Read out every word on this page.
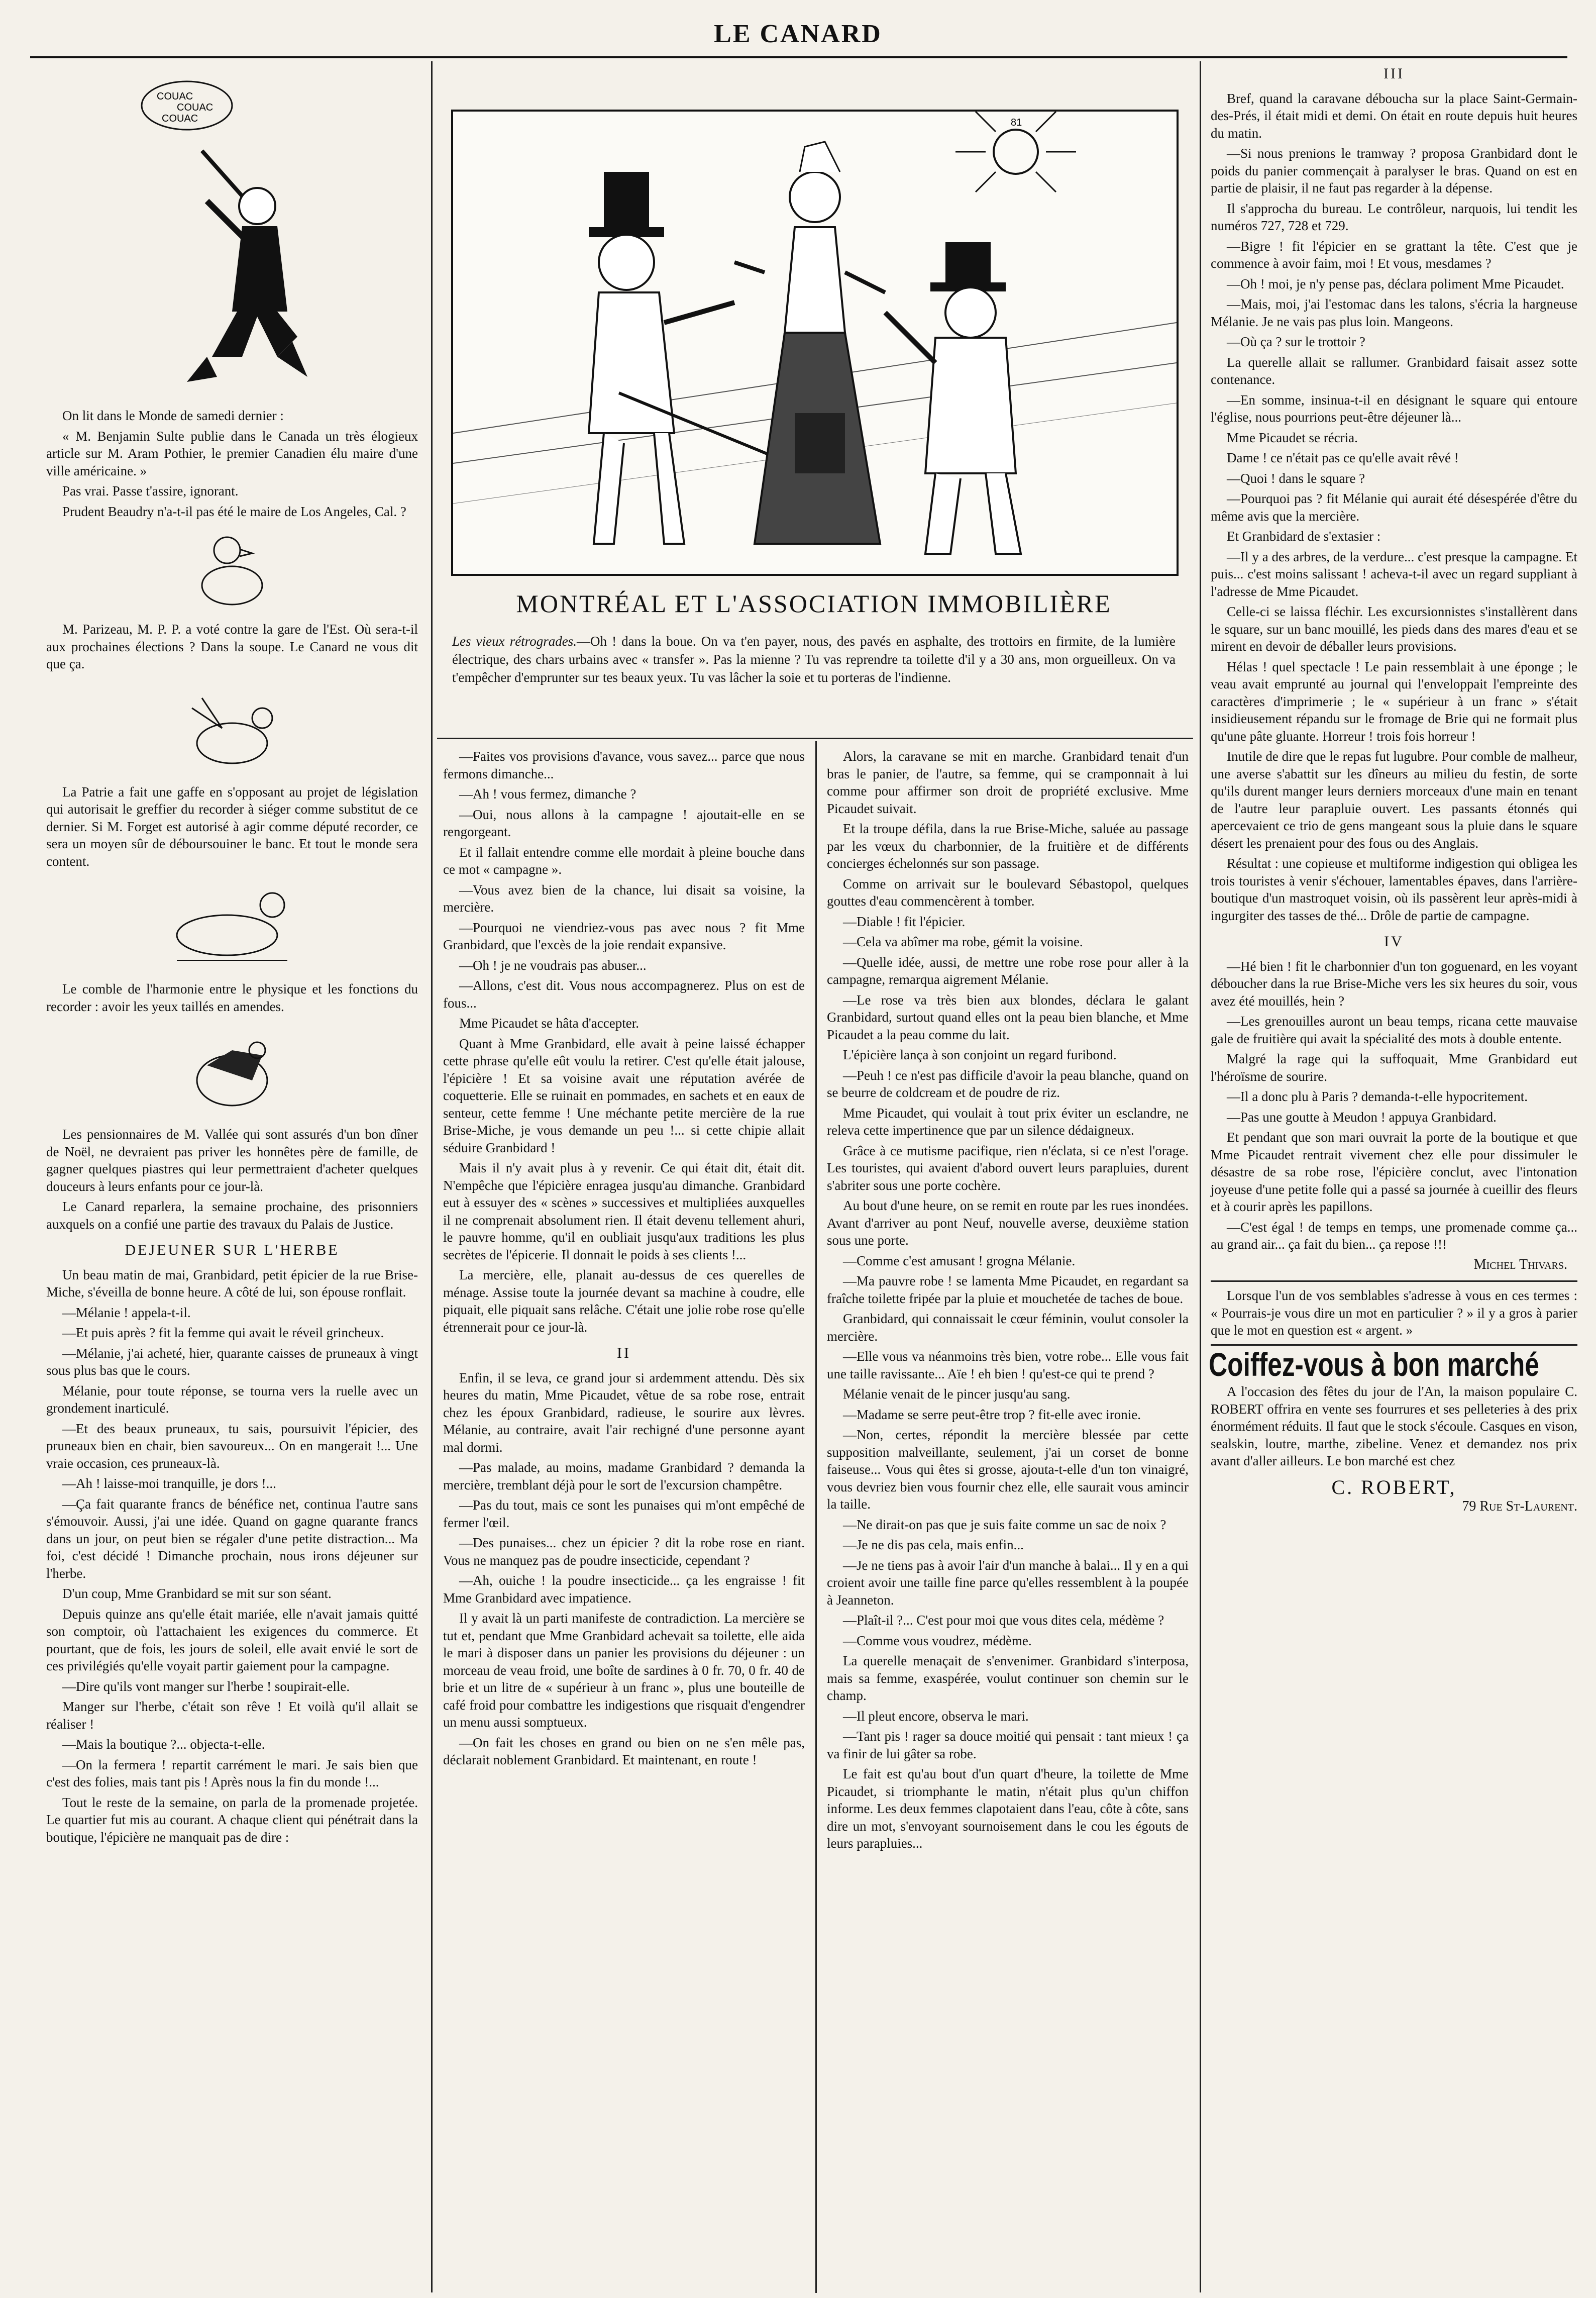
LE CANARD
COUAC
COUAC
COUAC

On lit dans le Monde de samedi dernier :

« M. Benjamin Sulte publie dans le Canada un très élogieux article sur M. Aram Pothier, le premier Canadien élu maire d'une ville américaine. »

Pas vrai. Passe t'assire, ignorant.

Prudent Beaudry n'a-t-il pas été le maire de Los Angeles, Cal. ?

M. Parizeau, M. P. P. a voté contre la gare de l'Est. Où sera-t-il aux prochaines élections ? Dans la soupe. Le Canard ne vous dit que ça.

La Patrie a fait une gaffe en s'opposant au projet de législation qui autorisait le greffier du recorder à siéger comme substitut de ce dernier. Si M. Forget est autorisé à agir comme député recorder, ce sera un moyen sûr de déboursouiner le banc. Et tout le monde sera content.

Le comble de l'harmonie entre le physique et les fonctions du recorder : avoir les yeux taillés en amendes.

Les pensionnaires de M. Vallée qui sont assurés d'un bon dîner de Noël, ne devraient pas priver les honnêtes père de famille, de gagner quelques piastres qui leur permettraient d'acheter quelques douceurs à leurs enfants pour ce jour-là.

Le Canard reparlera, la semaine prochaine, des prisonniers auxquels on a confié une partie des travaux du Palais de Justice.

DEJEUNER SUR L'HERBE

Un beau matin de mai, Granbidard, petit épicier de la rue Brise-Miche, s'éveilla de bonne heure. A côté de lui, son épouse ronflait.

—Mélanie ! appela-t-il.

—Et puis après ? fit la femme qui avait le réveil grincheux.

—Mélanie, j'ai acheté, hier, quarante caisses de pruneaux à vingt sous plus bas que le cours.

Mélanie, pour toute réponse, se tourna vers la ruelle avec un grondement inarticulé.

—Et des beaux pruneaux, tu sais, poursuivit l'épicier, des pruneaux bien en chair, bien savoureux... On en mangerait !... Une vraie occasion, ces pruneaux-là.

—Ah ! laisse-moi tranquille, je dors !...

—Ça fait quarante francs de bénéfice net, continua l'autre sans s'émouvoir. Aussi, j'ai une idée. Quand on gagne quarante francs dans un jour, on peut bien se régaler d'une petite distraction... Ma foi, c'est décidé ! Dimanche prochain, nous irons déjeuner sur l'herbe.

D'un coup, Mme Granbidard se mit sur son séant.

Depuis quinze ans qu'elle était mariée, elle n'avait jamais quitté son comptoir, où l'attachaient les exigences du commerce. Et pourtant, que de fois, les jours de soleil, elle avait envié le sort de ces privilégiés qu'elle voyait partir gaiement pour la campagne.

—Dire qu'ils vont manger sur l'herbe ! soupirait-elle.

Manger sur l'herbe, c'était son rêve ! Et voilà qu'il allait se réaliser !

—Mais la boutique ?... objecta-t-elle.

—On la fermera ! repartit carrément le mari. Je sais bien que c'est des folies, mais tant pis ! Après nous la fin du monde !...

Tout le reste de la semaine, on parla de la promenade projetée. Le quartier fut mis au courant. A chaque client qui pénétrait dans la boutique, l'épicière ne manquait pas de dire :

81
MONTRÉAL ET L'ASSOCIATION IMMOBILIÈRE
Les vieux rétrogrades.—Oh ! dans la boue. On va t'en payer, nous, des pavés en asphalte, des trottoirs en firmite, de la lumière électrique, des chars urbains avec « transfer ». Pas la mienne ? Tu vas reprendre ta toilette d'il y a 30 ans, mon orgueilleux. On va t'empêcher d'emprunter sur tes beaux yeux. Tu vas lâcher la soie et tu porteras de l'indienne.

—Faites vos provisions d'avance, vous savez... parce que nous fermons dimanche...

—Ah ! vous fermez, dimanche ?

—Oui, nous allons à la campagne ! ajoutait-elle en se rengorgeant.

Et il fallait entendre comme elle mordait à pleine bouche dans ce mot « campagne ».

—Vous avez bien de la chance, lui disait sa voisine, la mercière.

—Pourquoi ne viendriez-vous pas avec nous ? fit Mme Granbidard, que l'excès de la joie rendait expansive.

—Oh ! je ne voudrais pas abuser...

—Allons, c'est dit. Vous nous accompagnerez. Plus on est de fous...

Mme Picaudet se hâta d'accepter.

Quant à Mme Granbidard, elle avait à peine laissé échapper cette phrase qu'elle eût voulu la retirer. C'est qu'elle était jalouse, l'épicière ! Et sa voisine avait une réputation avérée de coquetterie. Elle se ruinait en pommades, en sachets et en eaux de senteur, cette femme ! Une méchante petite mercière de la rue Brise-Miche, je vous demande un peu !... si cette chipie allait séduire Granbidard !

Mais il n'y avait plus à y revenir. Ce qui était dit, était dit. N'empêche que l'épicière enragea jusqu'au dimanche. Granbidard eut à essuyer des « scènes » successives et multipliées auxquelles il ne comprenait absolument rien. Il était devenu tellement ahuri, le pauvre homme, qu'il en oubliait jusqu'aux traditions les plus secrètes de l'épicerie. Il donnait le poids à ses clients !...

La mercière, elle, planait au-dessus de ces querelles de ménage. Assise toute la journée devant sa machine à coudre, elle piquait, elle piquait sans relâche. C'était une jolie robe rose qu'elle étrennerait pour ce jour-là.

II

Enfin, il se leva, ce grand jour si ardemment attendu. Dès six heures du matin, Mme Picaudet, vêtue de sa robe rose, entrait chez les époux Granbidard, radieuse, le sourire aux lèvres. Mélanie, au contraire, avait l'air rechigné d'une personne ayant mal dormi.

—Pas malade, au moins, madame Granbidard ? demanda la mercière, tremblant déjà pour le sort de l'excursion champêtre.

—Pas du tout, mais ce sont les punaises qui m'ont empêché de fermer l'œil.

—Des punaises... chez un épicier ? dit la robe rose en riant. Vous ne manquez pas de poudre insecticide, cependant ?

—Ah, ouiche ! la poudre insecticide... ça les engraisse ! fit Mme Granbidard avec impatience.

Il y avait là un parti manifeste de contradiction. La mercière se tut et, pendant que Mme Granbidard achevait sa toilette, elle aida le mari à disposer dans un panier les provisions du déjeuner : un morceau de veau froid, une boîte de sardines à 0 fr. 70, 0 fr. 40 de brie et un litre de « supérieur à un franc », plus une bouteille de café froid pour combattre les indigestions que risquait d'engendrer un menu aussi somptueux.

—On fait les choses en grand ou bien on ne s'en mêle pas, déclarait noblement Granbidard. Et maintenant, en route !

Alors, la caravane se mit en marche. Granbidard tenait d'un bras le panier, de l'autre, sa femme, qui se cramponnait à lui comme pour affirmer son droit de propriété exclusive. Mme Picaudet suivait.

Et la troupe défila, dans la rue Brise-Miche, saluée au passage par les vœux du charbonnier, de la fruitière et de différents concierges échelonnés sur son passage.

Comme on arrivait sur le boulevard Sébastopol, quelques gouttes d'eau commencèrent à tomber.

—Diable ! fit l'épicier.

—Cela va abîmer ma robe, gémit la voisine.

—Quelle idée, aussi, de mettre une robe rose pour aller à la campagne, remarqua aigrement Mélanie.

—Le rose va très bien aux blondes, déclara le galant Granbidard, surtout quand elles ont la peau bien blanche, et Mme Picaudet a la peau comme du lait.

L'épicière lança à son conjoint un regard furibond.

—Peuh ! ce n'est pas difficile d'avoir la peau blanche, quand on se beurre de coldcream et de poudre de riz.

Mme Picaudet, qui voulait à tout prix éviter un esclandre, ne releva cette impertinence que par un silence dédaigneux.

Grâce à ce mutisme pacifique, rien n'éclata, si ce n'est l'orage. Les touristes, qui avaient d'abord ouvert leurs parapluies, durent s'abriter sous une porte cochère.

Au bout d'une heure, on se remit en route par les rues inondées. Avant d'arriver au pont Neuf, nouvelle averse, deuxième station sous une porte.

—Comme c'est amusant ! grogna Mélanie.

—Ma pauvre robe ! se lamenta Mme Picaudet, en regardant sa fraîche toilette fripée par la pluie et mouchetée de taches de boue.

Granbidard, qui connaissait le cœur féminin, voulut consoler la mercière.

—Elle vous va néanmoins très bien, votre robe... Elle vous fait une taille ravissante... Aïe ! eh bien ! qu'est-ce qui te prend ?

Mélanie venait de le pincer jusqu'au sang.

—Madame se serre peut-être trop ? fit-elle avec ironie.

—Non, certes, répondit la mercière blessée par cette supposition malveillante, seulement, j'ai un corset de bonne faiseuse... Vous qui êtes si grosse, ajouta-t-elle d'un ton vinaigré, vous devriez bien vous fournir chez elle, elle saurait vous amincir la taille.

—Ne dirait-on pas que je suis faite comme un sac de noix ?

—Je ne dis pas cela, mais enfin...

—Je ne tiens pas à avoir l'air d'un manche à balai... Il y en a qui croient avoir une taille fine parce qu'elles ressemblent à la poupée à Jeanneton.

—Plaît-il ?... C'est pour moi que vous dites cela, médème ?

—Comme vous voudrez, médème.

La querelle menaçait de s'envenimer. Granbidard s'interposa, mais sa femme, exaspérée, voulut continuer son chemin sur le champ.

—Il pleut encore, observa le mari.

—Tant pis ! rager sa douce moitié qui pensait : tant mieux ! ça va finir de lui gâter sa robe.

Le fait est qu'au bout d'un quart d'heure, la toilette de Mme Picaudet, si triomphante le matin, n'était plus qu'un chiffon informe. Les deux femmes clapotaient dans l'eau, côte à côte, sans dire un mot, s'envoyant sournoisement dans le cou les égouts de leurs parapluies...

III

Bref, quand la caravane déboucha sur la place Saint-Germain-des-Prés, il était midi et demi. On était en route depuis huit heures du matin.

—Si nous prenions le tramway ? proposa Granbidard dont le poids du panier commençait à paralyser le bras. Quand on est en partie de plaisir, il ne faut pas regarder à la dépense.

Il s'approcha du bureau. Le contrôleur, narquois, lui tendit les numéros 727, 728 et 729.

—Bigre ! fit l'épicier en se grattant la tête. C'est que je commence à avoir faim, moi ! Et vous, mesdames ?

—Oh ! moi, je n'y pense pas, déclara poliment Mme Picaudet.

—Mais, moi, j'ai l'estomac dans les talons, s'écria la hargneuse Mélanie. Je ne vais pas plus loin. Mangeons.

—Où ça ? sur le trottoir ?

La querelle allait se rallumer. Granbidard faisait assez sotte contenance.

—En somme, insinua-t-il en désignant le square qui entoure l'église, nous pourrions peut-être déjeuner là...

Mme Picaudet se récria.

Dame ! ce n'était pas ce qu'elle avait rêvé !

—Quoi ! dans le square ?

—Pourquoi pas ? fit Mélanie qui aurait été désespérée d'être du même avis que la mercière.

Et Granbidard de s'extasier :

—Il y a des arbres, de la verdure... c'est presque la campagne. Et puis... c'est moins salissant ! acheva-t-il avec un regard suppliant à l'adresse de Mme Picaudet.

Celle-ci se laissa fléchir. Les excursionnistes s'installèrent dans le square, sur un banc mouillé, les pieds dans des mares d'eau et se mirent en devoir de déballer leurs provisions.

Hélas ! quel spectacle ! Le pain ressemblait à une éponge ; le veau avait emprunté au journal qui l'enveloppait l'empreinte des caractères d'imprimerie ; le « supérieur à un franc » s'était insidieusement répandu sur le fromage de Brie qui ne formait plus qu'une pâte gluante. Horreur ! trois fois horreur !

Inutile de dire que le repas fut lugubre. Pour comble de malheur, une averse s'abattit sur les dîneurs au milieu du festin, de sorte qu'ils durent manger leurs derniers morceaux d'une main en tenant de l'autre leur parapluie ouvert. Les passants étonnés qui apercevaient ce trio de gens mangeant sous la pluie dans le square désert les prenaient pour des fous ou des Anglais.

Résultat : une copieuse et multiforme indigestion qui obligea les trois touristes à venir s'échouer, lamentables épaves, dans l'arrière-boutique d'un mastroquet voisin, où ils passèrent leur après-midi à ingurgiter des tasses de thé... Drôle de partie de campagne.

IV

—Hé bien ! fit le charbonnier d'un ton goguenard, en les voyant déboucher dans la rue Brise-Miche vers les six heures du soir, vous avez été mouillés, hein ?

—Les grenouilles auront un beau temps, ricana cette mauvaise gale de fruitière qui avait la spécialité des mots à double entente.

Malgré la rage qui la suffoquait, Mme Granbidard eut l'héroïsme de sourire.

—Il a donc plu à Paris ? demanda-t-elle hypocritement.

—Pas une goutte à Meudon ! appuya Granbidard.

Et pendant que son mari ouvrait la porte de la boutique et que Mme Picaudet rentrait vivement chez elle pour dissimuler le désastre de sa robe rose, l'épicière conclut, avec l'intonation joyeuse d'une petite folle qui a passé sa journée à cueillir des fleurs et à courir après les papillons.

—C'est égal ! de temps en temps, une promenade comme ça... au grand air... ça fait du bien... ça repose !!!

Michel Thivars.

Lorsque l'un de vos semblables s'adresse à vous en ces termes : « Pourrais-je vous dire un mot en particulier ? » il y a gros à parier que le mot en question est « argent. »

Coiffez-vous à bon marché

A l'occasion des fêtes du jour de l'An, la maison populaire C. ROBERT offrira en vente ses fourrures et ses pelleteries à des prix énormément réduits. Il faut que le stock s'écoule. Casques en vison, sealskin, loutre, marthe, zibeline. Venez et demandez nos prix avant d'aller ailleurs. Le bon marché est chez

C. ROBERT,
79 Rue St-Laurent.
